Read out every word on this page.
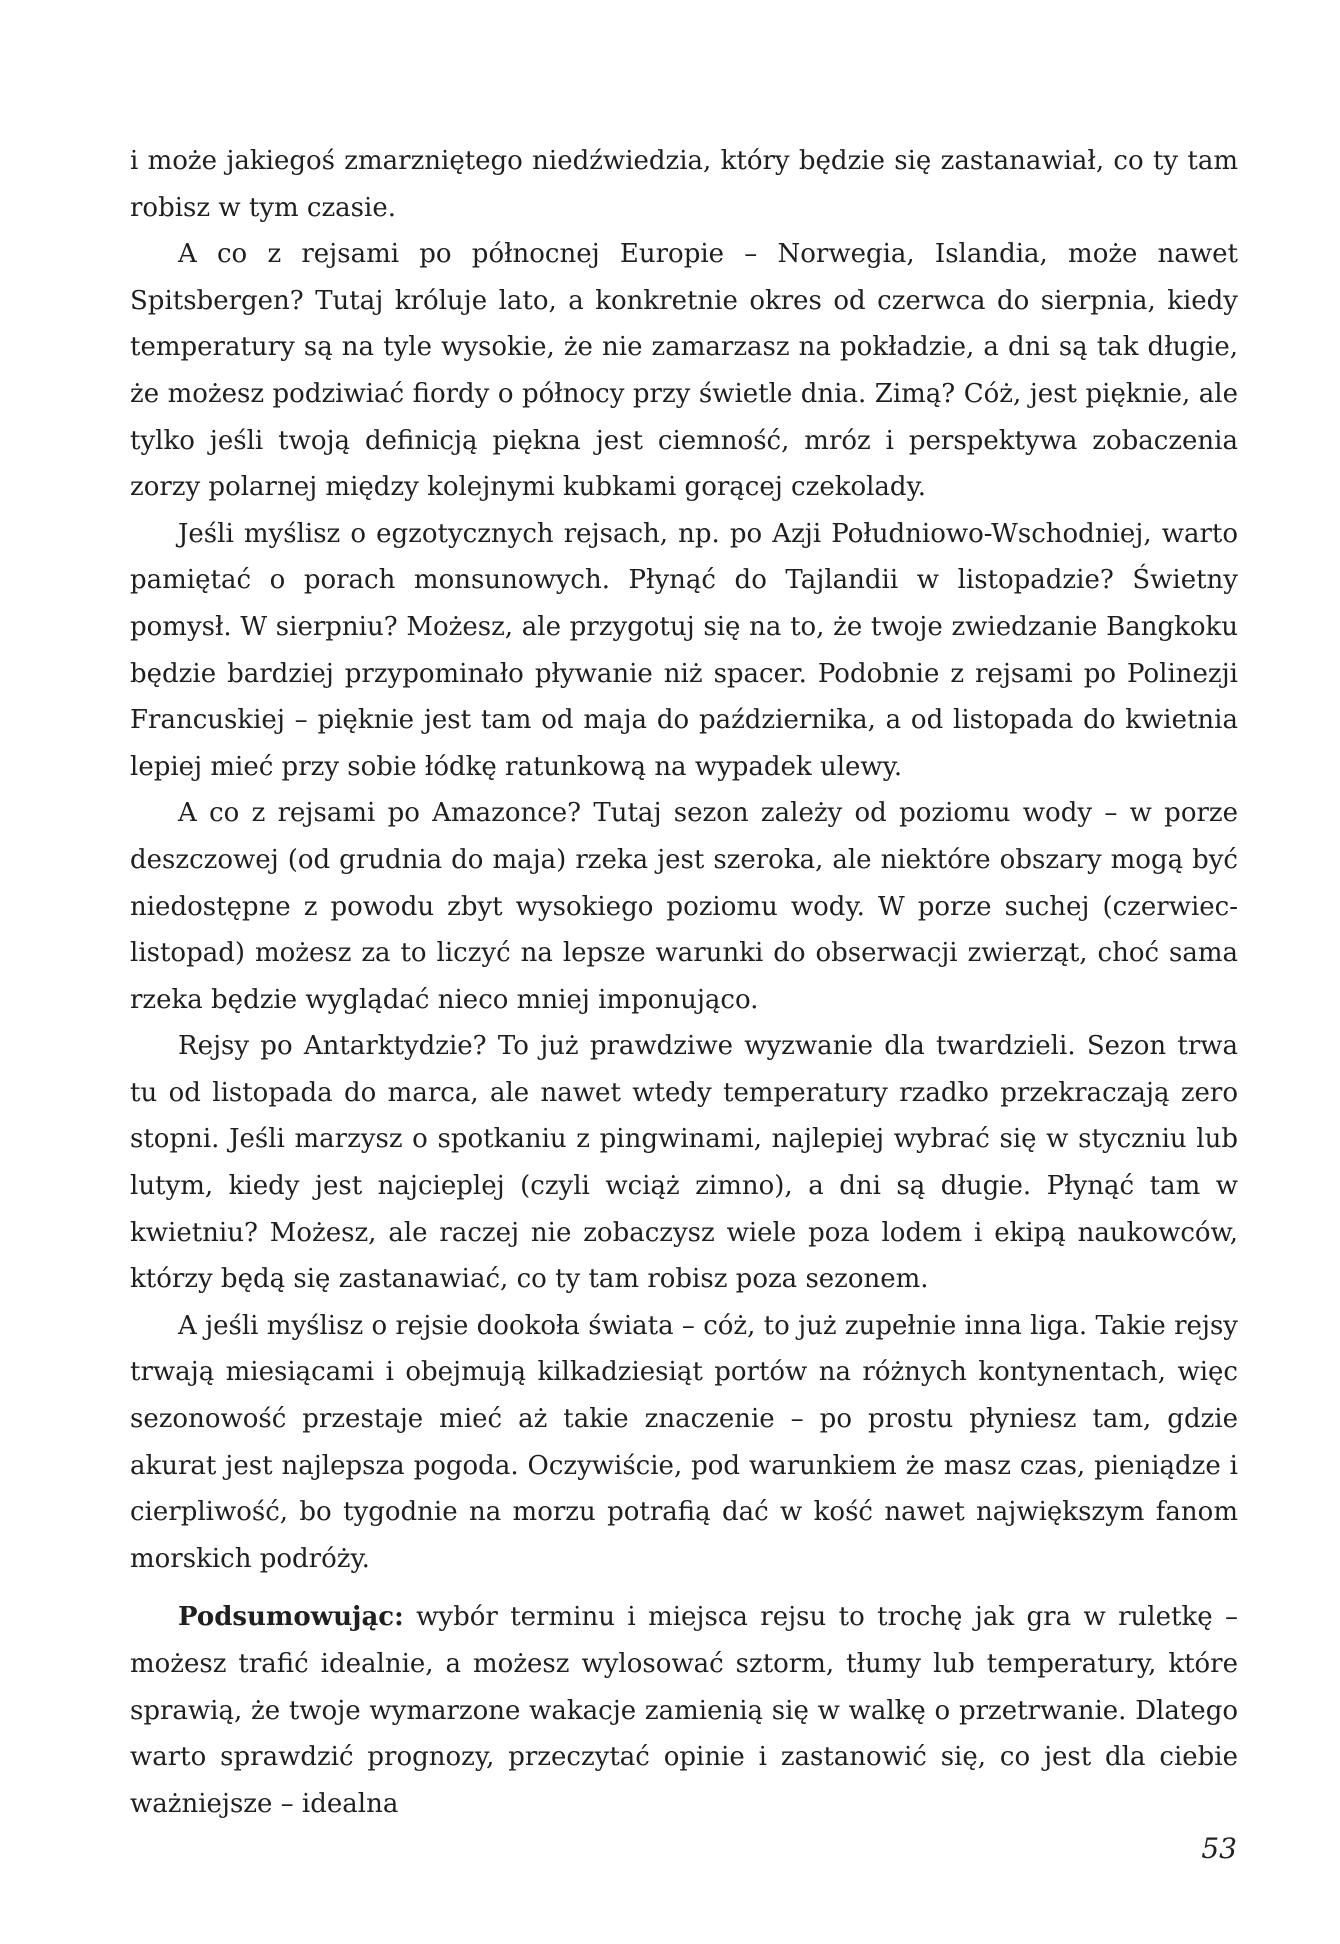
i może jakiegoś zmarzniętego niedźwiedzia, który będzie się zastanawiał, co ty tam robisz w tym czasie.

A co z rejsami po północnej Europie – Norwegia, Islandia, może nawet Spitsbergen? Tutaj króluje lato, a konkretnie okres od czerwca do sierpnia, kiedy temperatury są na tyle wysokie, że nie zamarzasz na pokładzie, a dni są tak długie, że możesz podziwiać fiordy o północy przy świetle dnia. Zimą? Cóż, jest pięknie, ale tylko jeśli twoją definicją piękna jest ciemność, mróz i perspektywa zobaczenia zorzy polarnej między kolejnymi kubkami gorącej czekolady.

Jeśli myślisz o egzotycznych rejsach, np. po Azji Południowo-Wschodniej, warto pamiętać o porach monsunowych. Płynąć do Tajlandii w listopadzie? Świetny pomysł. W sierpniu? Możesz, ale przygotuj się na to, że twoje zwiedzanie Bangkoku będzie bardziej przypominało pływanie niż spacer. Podobnie z rejsami po Polinezji Francuskiej – pięknie jest tam od maja do października, a od listopada do kwietnia lepiej mieć przy sobie łódkę ratunkową na wypadek ulewy.

A co z rejsami po Amazonce? Tutaj sezon zależy od poziomu wody – w porze deszczowej (od grudnia do maja) rzeka jest szeroka, ale niektóre obszary mogą być niedostępne z powodu zbyt wysokiego poziomu wody. W porze suchej (czerwiec-listopad) możesz za to liczyć na lepsze warunki do obserwacji zwierząt, choć sama rzeka będzie wyglądać nieco mniej imponująco.

Rejsy po Antarktydzie? To już prawdziwe wyzwanie dla twardzieli. Sezon trwa tu od listopada do marca, ale nawet wtedy temperatury rzadko przekraczają zero stopni. Jeśli marzysz o spotkaniu z pingwinami, najlepiej wybrać się w styczniu lub lutym, kiedy jest najcieplej (czyli wciąż zimno), a dni są długie. Płynąć tam w kwietniu? Możesz, ale raczej nie zobaczysz wiele poza lodem i ekipą naukowców, którzy będą się zastanawiać, co ty tam robisz poza sezonem.

A jeśli myślisz o rejsie dookoła świata – cóż, to już zupełnie inna liga. Takie rejsy trwają miesiącami i obejmują kilkadziesiąt portów na różnych kontynentach, więc sezonowość przestaje mieć aż takie znaczenie – po prostu płyniesz tam, gdzie akurat jest najlepsza pogoda. Oczywiście, pod warunkiem że masz czas, pieniądze i cierpliwość, bo tygodnie na morzu potrafią dać w kość nawet największym fanom morskich podróży.

Podsumowując: wybór terminu i miejsca rejsu to trochę jak gra w ruletkę – możesz trafić idealnie, a możesz wylosować sztorm, tłumy lub temperatury, które sprawią, że twoje wymarzone wakacje zamienią się w walkę o przetrwanie. Dlatego warto sprawdzić prognozy, przeczytać opinie i zastanowić się, co jest dla ciebie ważniejsze – idealna

53
